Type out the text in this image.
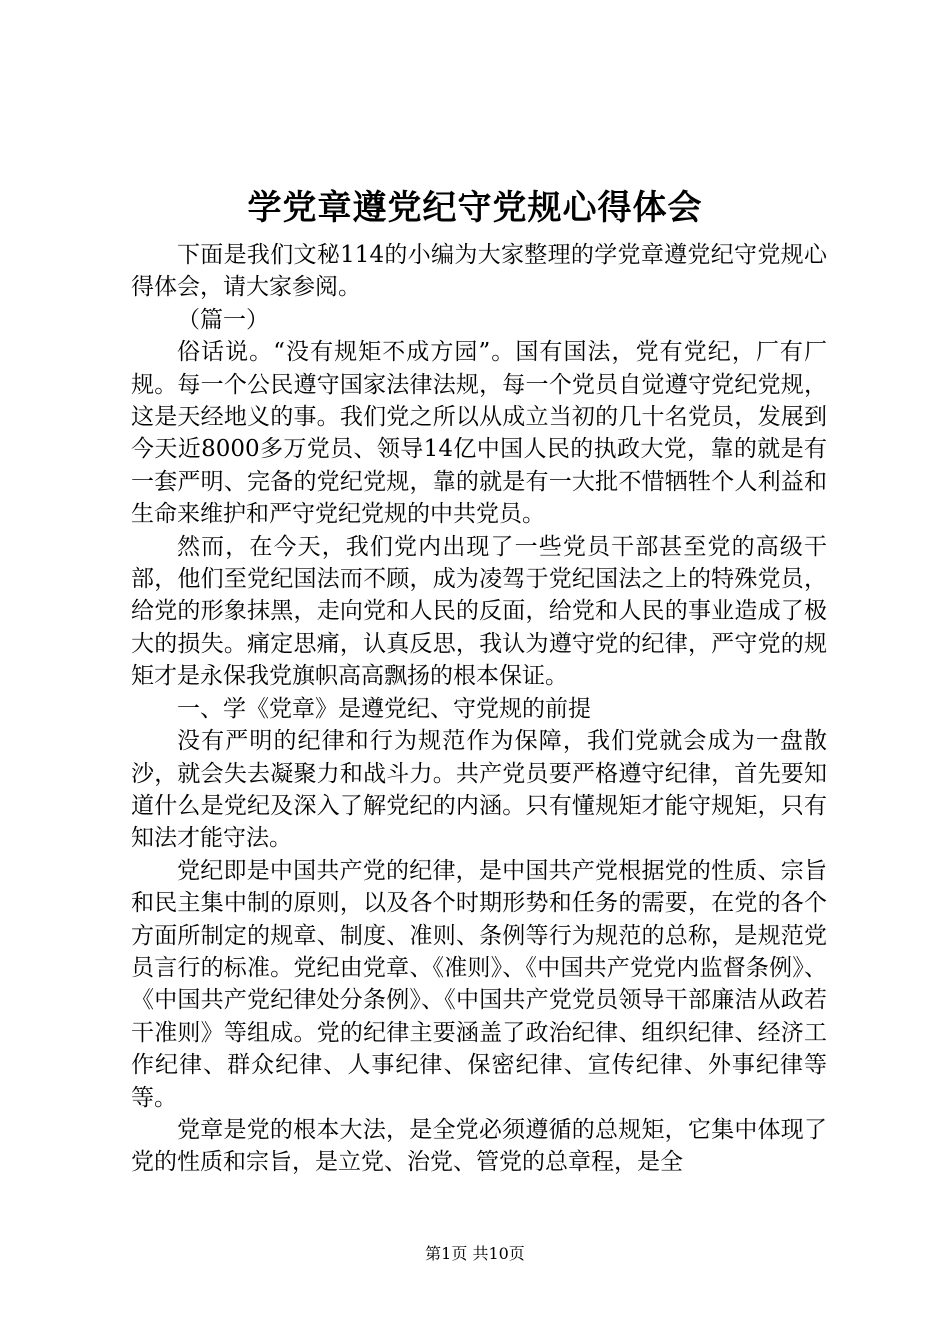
学党章遵党纪守党规心得体会

下面是我们文秘114的小编为大家整理的学党章遵党纪守党规心得体会，请大家参阅。

（篇一）

俗话说。“没有规矩不成方园”。国有国法，党有党纪，厂有厂规。每一个公民遵守国家法律法规，每一个党员自觉遵守党纪党规，这是天经地义的事。我们党之所以从成立当初的几十名党员，发展到今天近8000多万党员、领导14亿中国人民的执政大党，靠的就是有一套严明、完备的党纪党规，靠的就是有一大批不惜牺牲个人利益和生命来维护和严守党纪党规的中共党员。

然而，在今天，我们党内出现了一些党员干部甚至党的高级干部，他们至党纪国法而不顾，成为凌驾于党纪国法之上的特殊党员，给党的形象抹黑，走向党和人民的反面，给党和人民的事业造成了极大的损失。痛定思痛，认真反思，我认为遵守党的纪律，严守党的规矩才是永保我党旗帜高高飘扬的根本保证。

一、学《党章》是遵党纪、守党规的前提

没有严明的纪律和行为规范作为保障，我们党就会成为一盘散沙，就会失去凝聚力和战斗力。共产党员要严格遵守纪律，首先要知道什么是党纪及深入了解党纪的内涵。只有懂规矩才能守规矩，只有知法才能守法。

党纪即是中国共产党的纪律，是中国共产党根据党的性质、宗旨和民主集中制的原则，以及各个时期形势和任务的需要，在党的各个方面所制定的规章、制度、准则、条例等行为规范的总称，是规范党员言行的标准。党纪由党章、《准则》、《中国共产党党内监督条例》、《中国共产党纪律处分条例》、《中国共产党党员领导干部廉洁从政若干准则》等组成。党的纪律主要涵盖了政治纪律、组织纪律、经济工作纪律、群众纪律、人事纪律、保密纪律、宣传纪律、外事纪律等等。

党章是党的根本大法，是全党必须遵循的总规矩，它集中体现了党的性质和宗旨，是立党、治党、管党的总章程，是全

第1页 共10页
